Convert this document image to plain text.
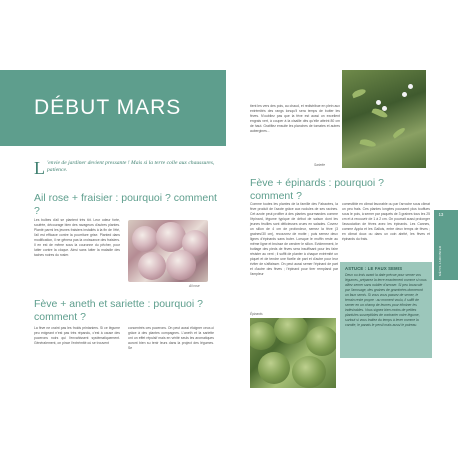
DÉBUT MARS

L 'envie de jardiner devient pressante ! Mais si la terre colle aux chaussures, patience.

Ail rose + fraisier : pourquoi ? comment ?

Les bulbes d'ail se plantent très tôt. Leur odeur forte, soufrée, décourage bien des ravageurs d'autres plantes. Planté parmi les jeunes fraisiers installés à la fin de l'été, l'ail est efficace contre la pourriture grise. Planted dans modification, il ne gênera pas la croissance des fraisiers. Il en est de même sous la couronne du pêcher, pour lutter contre la cloque. Ainsi sans lutter la maladie des taches noires du rosier.

Ail rose
Fève + aneth et sariette : pourquoi ? comment ?

La fève ne craint pas les froids printaniers. Si ce légume peu exigeant n'est pas très répandu, c'est à cause des pucerons noirs qui l'envahissent systématiquement. Généralement, on pince l'extrémité où se trouvent

concentrés ces pucerons. On peut aussi éloigner ceux-ci grâce à des plantes compagnes. L'aneth et la sariette ont un effet répulsif mais en vérité seuls les aromatiques auront bien su tenir leurs dans la project des légumes. Se

tient les vers des pois, au chaud, et redistribue en plein aux extrémités des rangs lorsqu'il sera temps de butter les fèves. N'oubliez pas que la fève est aussi un excellent engrais vert, à couper à la cisaille dès qu'elle atteint 80 cm de haut. Gratifiez ensuite les planches de tomates et autres aubergines...

Sariette
Fève + épinards : pourquoi ? comment ?

Comme toutes les plantes de la famille des Fabacées, la fève produit de l'azote grâce aux nodules de ses racines. Cet azote peut profiter à des plantes gourmandes comme l'épinard, légume typique de début de saison dont les jeunes feuilles sont délicieuses crues en salades. Covrez un sillon de 4 cm de profondeur, semez la fève (3 graines/30 cm), recouvrez de motte ; puis semez deux lignes d'épinards sans buter. Lorsque le muffin reste au même ligne et bruisse de cendrer le sillon. Evidemment, le buttage des pieds de fèves sera insuffisant pour les faire résister au vent ; il suffit de planter à chaque extrémité un piquet et de tendre une ficelle de part et d'autre pour leur éviter de s'affaisser. On peut aussi semer l'épinard de part et d'autre des fèves ; l'épinard pour tirer rempland par l'ampleur

comestible en climat favorable ou par l'arroche sous climat un peu frais. Ces plantes longées poussent plus touffues sous le pois, à semer par paquets de 3 graines tous les 25 cm et à recouvrir de 1 à 2 cm. On pourrait aussi prolonger l'association de fèves avec les épinards. Les Cannes, comme Appia et les Gallois, entre deux temps de fèves ; en climat doux ou dans un coin abrité, les fèves et épinards du frais.

Épinards
ASTUCE : LE FAUX SEMIS

Deux ou trois avant la date prévue pour semer vos légumes, préparez la terre exactement comme si vous alliez semer sans oublier d'arroser. Si peu bousculé par l'arrosage, des graines de graminées donneront un faux semis. Si vous vous passez de semer, le terrain reste propre : au moment voulu, il suffit de semer en un champ de leurres pour éliminer les indésirables. Vous signez bien moins de petites plantules susceptibles de contrarier votre légume, surtout si vous traitez du temps à lever comme la carotte, le panais le persil mais aussi le poireau.

13
MÉTIS JARDINIER
